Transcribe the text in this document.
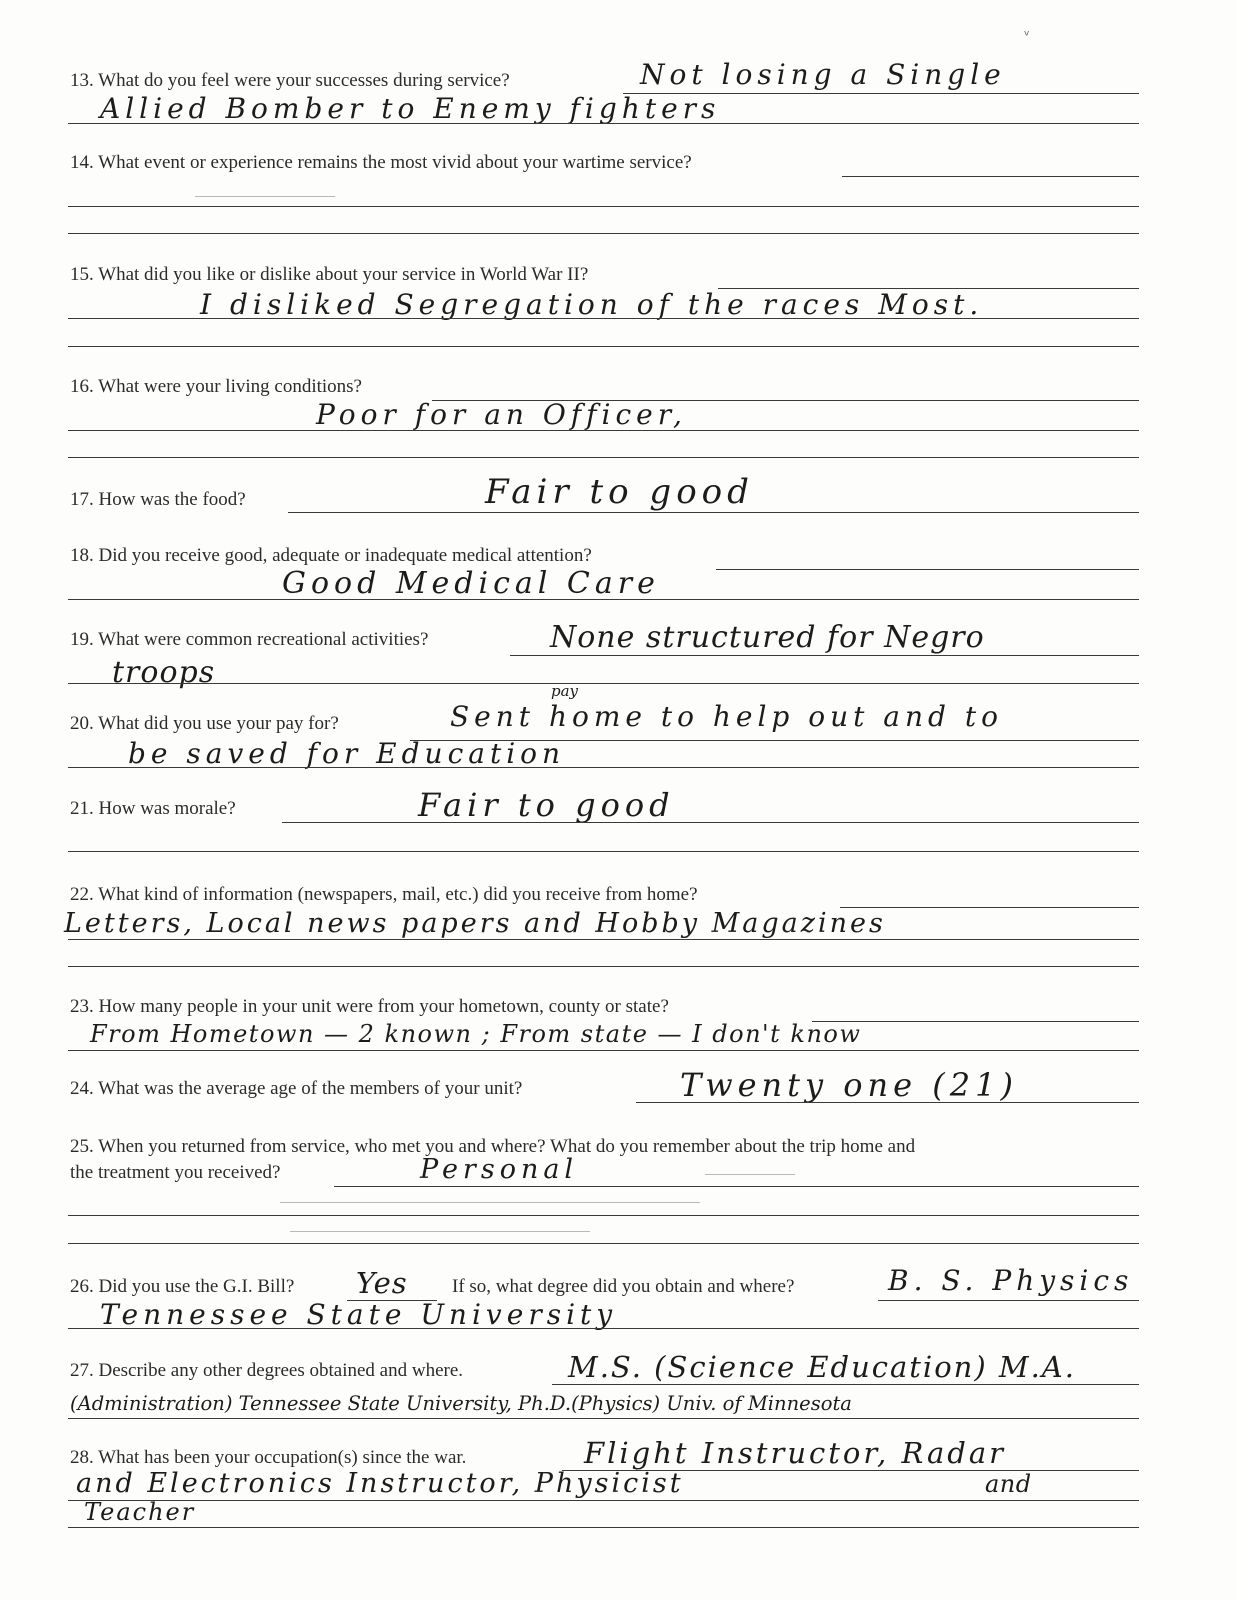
13. What do you feel were your successes during service?	Not losing a Single
Allied Bomber to Enemy fighters
14. What event or experience remains the most vivid about your wartime service?
15. What did you like or dislike about your service in World War II?
I disliked Segregation of the races Most.
16. What were your living conditions?
Poor for an Officer,
17. How was the food?	Fair to good
18. Did you receive good, adequate or inadequate medical attention?
Good Medical Care
19. What were common recreational activities?	None structured for Negro
troops
20. What did you use your pay for?
pay
Sent home to help out and to
be saved for Education
21. How was morale?	Fair to good
22. What kind of information (newspapers, mail, etc.) did you receive from home?
Letters, Local news papers and Hobby Magazines
23. How many people in your unit were from your hometown, county or state?
From Hometown — 2 known ; From state — I don't know
24. What was the average age of the members of your unit?	Twenty one (21)
25. When you returned from service, who met you and where? What do you remember about the trip home and
the treatment you received?	Personal
26. Did you use the G.I. Bill? Yes If so, what degree did you obtain and where?	B. S. Physics
Tennessee State University
27. Describe any other degrees obtained and where.	M.S. (Science Education) M.A.
(Administration) Tennessee State University, Ph.D.(Physics) Univ. of Minnesota
28. What has been your occupation(s) since the war.	Flight Instructor, Radar
and Electronics Instructor, Physicist	and
Teacher
ᵛ
